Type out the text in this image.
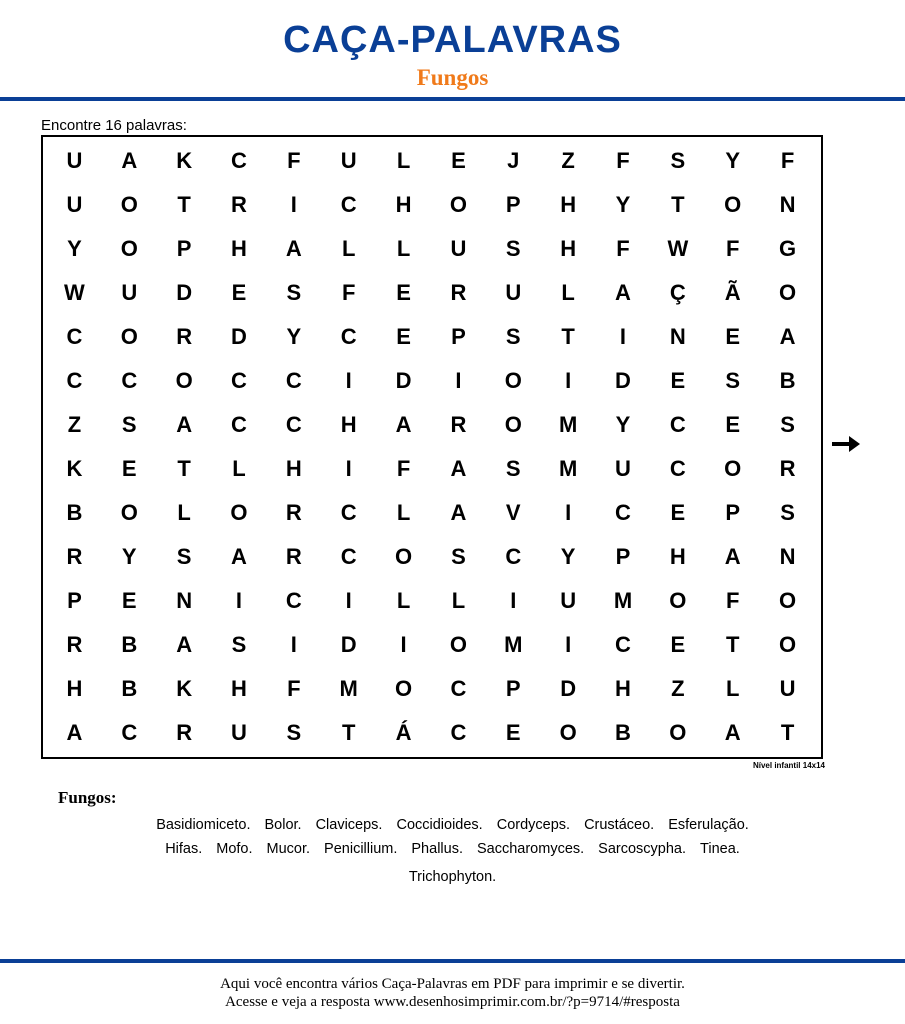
CAÇA-PALAVRAS
Fungos
Encontre 16 palavras:
U	A	K	C	F	U	L	E	J	Z	F	S	Y	F
U	O	T	R	I	C	H	O	P	H	Y	T	O	N
Y	O	P	H	A	L	L	U	S	H	F	W	F	G
W	U	D	E	S	F	E	R	U	L	A	Ç	Ã	O
C	O	R	D	Y	C	E	P	S	T	I	N	E	A
C	C	O	C	C	I	D	I	O	I	D	E	S	B
Z	S	A	C	C	H	A	R	O	M	Y	C	E	S
K	E	T	L	H	I	F	A	S	M	U	C	O	R
B	O	L	O	R	C	L	A	V	I	C	E	P	S
R	Y	S	A	R	C	O	S	C	Y	P	H	A	N
P	E	N	I	C	I	L	L	I	U	M	O	F	O
R	B	A	S	I	D	I	O	M	I	C	E	T	O
H	B	K	H	F	M	O	C	P	D	H	Z	L	U
A	C	R	U	S	T	Á	C	E	O	B	O	A	T
Nível infantil 14x14
Fungos:
Basidiomiceto. Bolor. Claviceps. Coccidioides. Cordyceps. Crustáceo. Esferulação.
Hifas. Mofo. Mucor. Penicillium. Phallus. Saccharomyces. Sarcoscypha. Tinea.
Trichophyton.
Aqui você encontra vários Caça-Palavras em PDF para imprimir e se divertir.
Acesse e veja a resposta www.desenhosimprimir.com.br/?p=9714/#resposta
